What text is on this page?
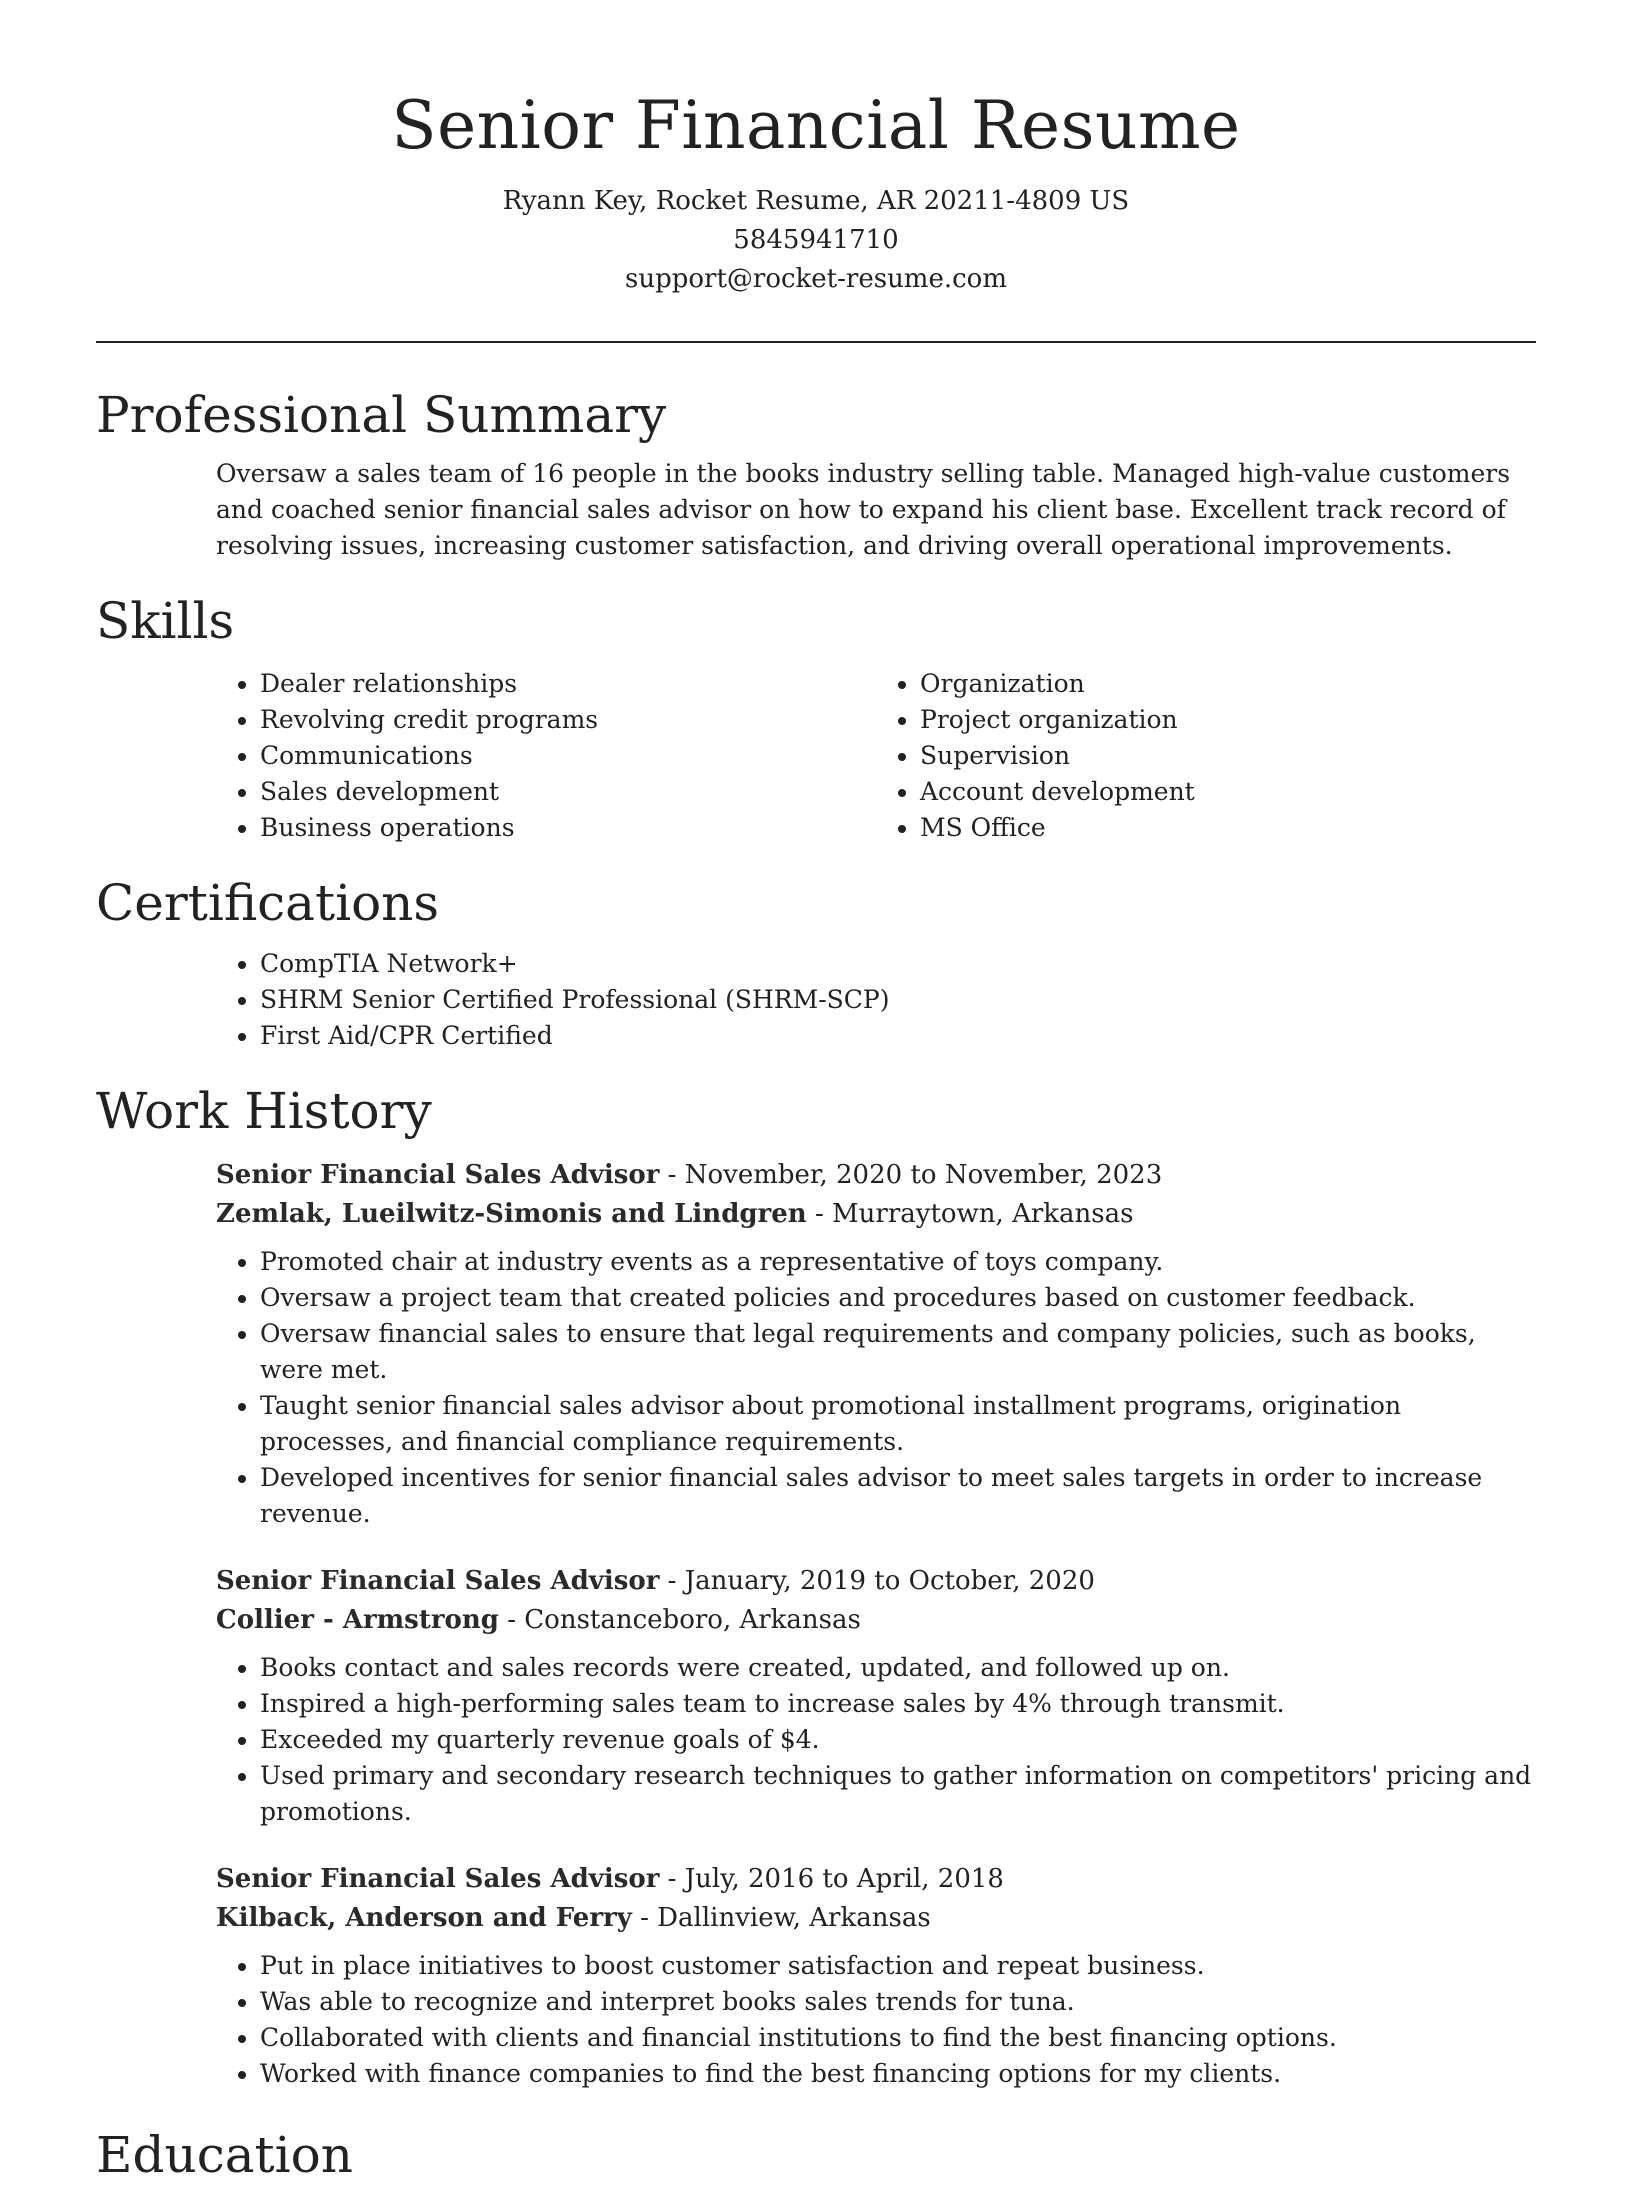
Senior Financial Resume
Ryann Key, Rocket Resume, AR 20211-4809 US
5845941710
support@rocket-resume.com
Professional Summary

Oversaw a sales team of 16 people in the books industry selling table. Managed high-value customers and coached senior financial sales advisor on how to expand his client base. Excellent track record of resolving issues, increasing customer satisfaction, and driving overall operational improvements.

Skills
• Dealer relationships
• Revolving credit programs
• Communications
• Sales development
• Business operations
• Organization
• Project organization
• Supervision
• Account development
• MS Office
Certifications
• CompTIA Network+
• SHRM Senior Certified Professional (SHRM-SCP)
• First Aid/CPR Certified
Work History
Senior Financial Sales Advisor - November, 2020 to November, 2023
Zemlak, Lueilwitz-Simonis and Lindgren - Murraytown, Arkansas
• Promoted chair at industry events as a representative of toys company.
• Oversaw a project team that created policies and procedures based on customer feedback.
• Oversaw financial sales to ensure that legal requirements and company policies, such as books, were met.
• Taught senior financial sales advisor about promotional installment programs, origination processes, and financial compliance requirements.
• Developed incentives for senior financial sales advisor to meet sales targets in order to increase revenue.
Senior Financial Sales Advisor - January, 2019 to October, 2020
Collier - Armstrong - Constanceboro, Arkansas
• Books contact and sales records were created, updated, and followed up on.
• Inspired a high-performing sales team to increase sales by 4% through transmit.
• Exceeded my quarterly revenue goals of $4.
• Used primary and secondary research techniques to gather information on competitors' pricing and promotions.
Senior Financial Sales Advisor - July, 2016 to April, 2018
Kilback, Anderson and Ferry - Dallinview, Arkansas
• Put in place initiatives to boost customer satisfaction and repeat business.
• Was able to recognize and interpret books sales trends for tuna.
• Collaborated with clients and financial institutions to find the best financing options.
• Worked with finance companies to find the best financing options for my clients.
Education
